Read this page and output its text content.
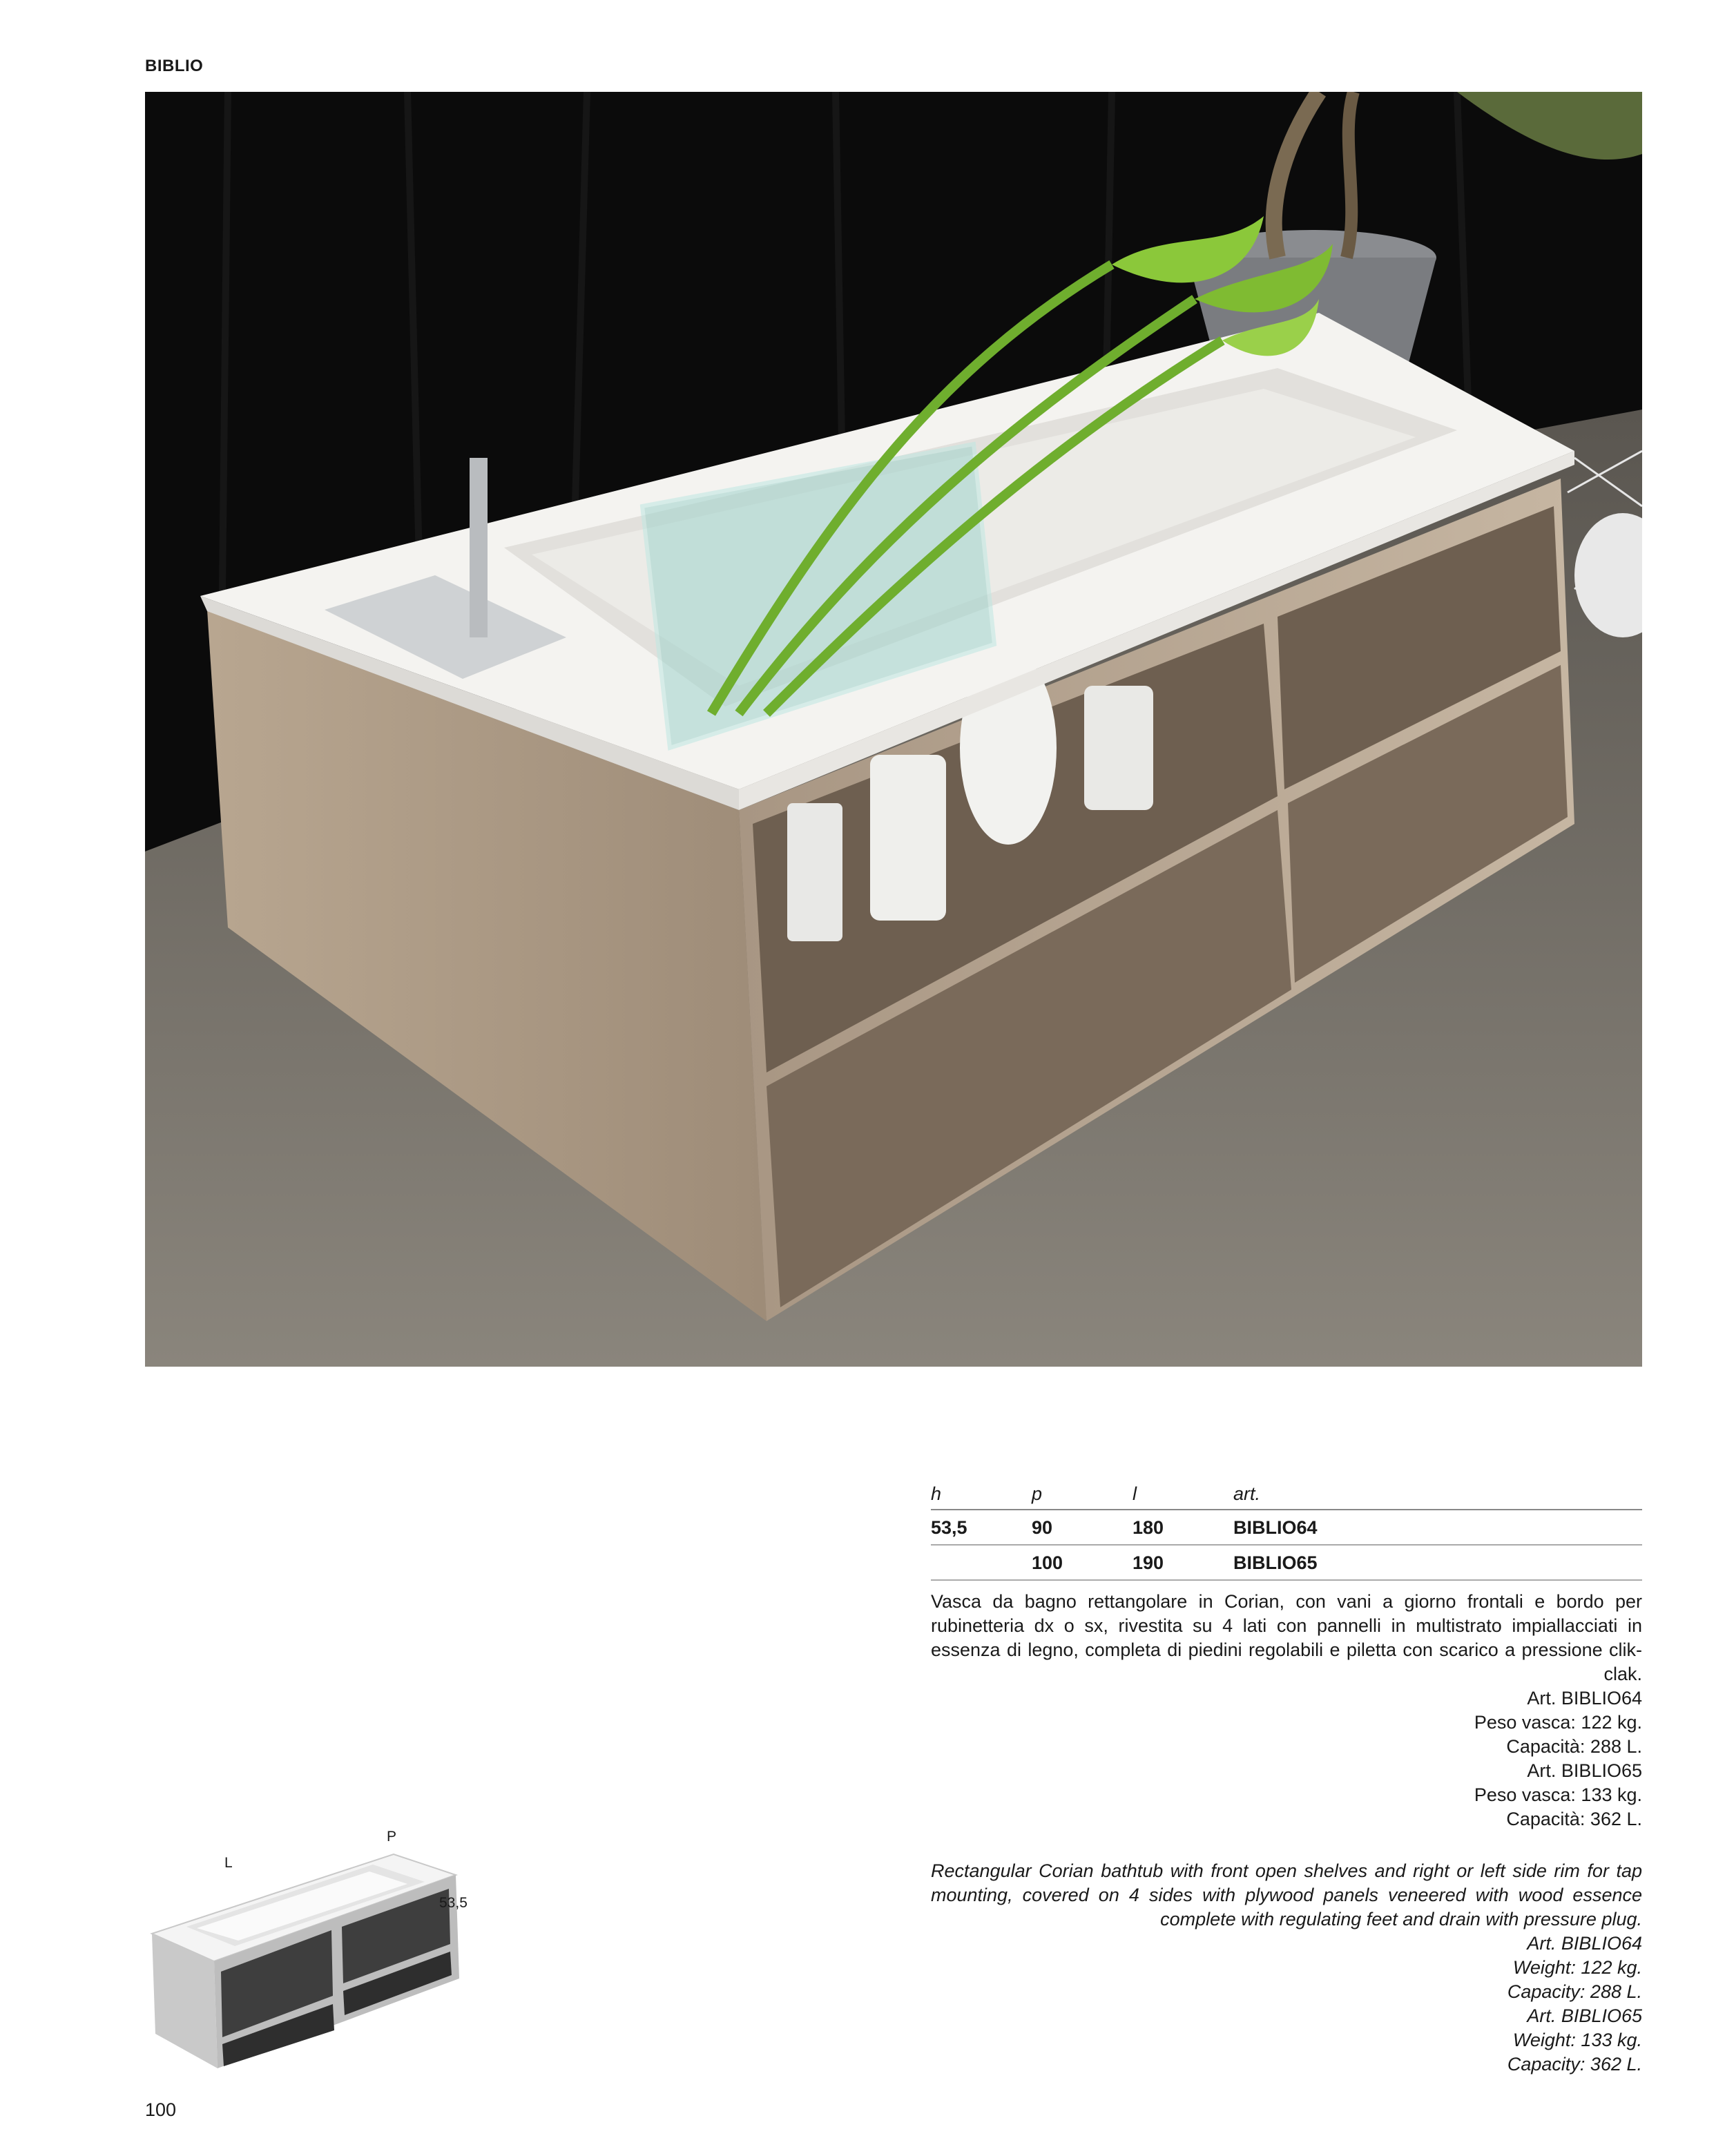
BIBLIO
h	p	l	art.
53,5	90	180	BIBLIO64
	100	190	BIBLIO65

Vasca da bagno rettangolare in Corian, con vani a giorno frontali e bordo per rubinetteria dx o sx, rivestita su 4 lati con pannelli in multistrato impiallacciati in essenza di legno, completa di piedini regolabili e piletta con scarico a pressione clik-clak.

Art. BIBLIO64
Peso vasca: 122 kg.
Capacità: 288 L.
Art. BIBLIO65
Peso vasca: 133 kg.
Capacità: 362 L.

Rectangular Corian bathtub with front open shelves and right or left side rim for tap mounting, covered on 4 sides with plywood panels veneered with wood essence complete with regulating feet and drain with pressure plug.

Art. BIBLIO64
Weight: 122 kg.
Capacity: 288 L.
Art. BIBLIO65
Weight: 133 kg.
Capacity: 362 L.
L
P
53,5
100
